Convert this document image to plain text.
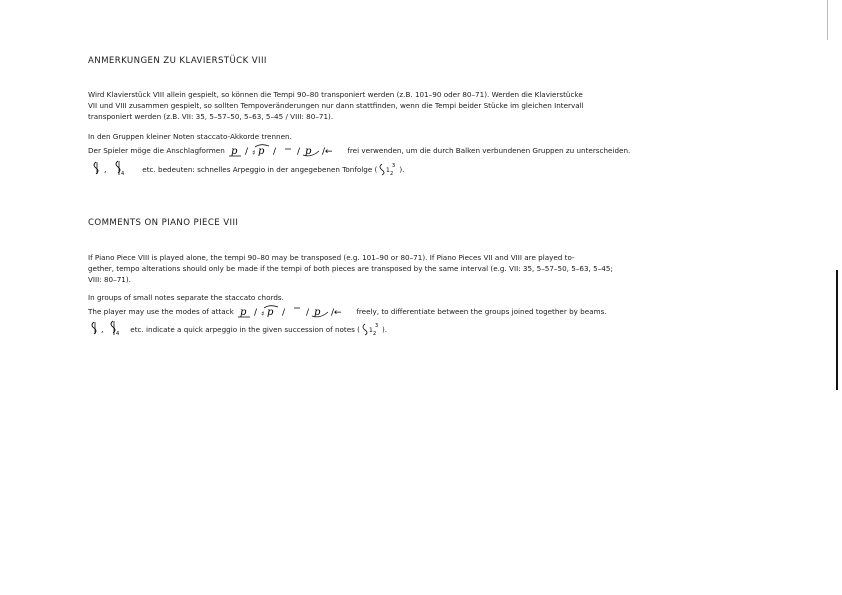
ANMERKUNGEN ZU KLAVIERSTÜCK VIII
Wird Klavierstück VIII allein gespielt, so können die Tempi 90–80 transponiert werden (z.B. 101–90 oder 80–71). Werden die Klavierstücke
VII und VIII zusammen gespielt, so sollten Tempoveränderungen nur dann stattfinden, wenn die Tempi beider Stücke im gleichen Intervall
transponiert werden (z.B. VII: 35, 5–57–50, 5–63, 5–45 / VIII: 80–71).
In den Gruppen kleiner Noten staccato-Akkorde trennen.
Der Spieler möge die Anschlagformen p / ♯ p / / p /← frei verwenden, um die durch Balken verbundenen Gruppen zu unterscheiden.
,	4	etc. bedeuten: schnelles Arpeggio in der angegebenen Tonfolge ( 1 2
3 ).
COMMENTS ON PIANO PIECE VIII
If Piano Piece VIII is played alone, the tempi 90–80 may be transposed (e.g. 101–90 or 80–71). If Piano Pieces VII and VIII are played to-
gether, tempo alterations should only be made if the tempi of both pieces are transposed by the same interval (e.g. VII: 35, 5–57–50, 5–63, 5–45;
VIII: 80–71).
In groups of small notes separate the staccato chords.
The player may use the modes of attack p / ♯ p / / p /← freely, to differentiate between the groups joined together by beams.
, 4 etc. indicate a quick arpeggio in the given succession of notes ( 1 2
3 ).
